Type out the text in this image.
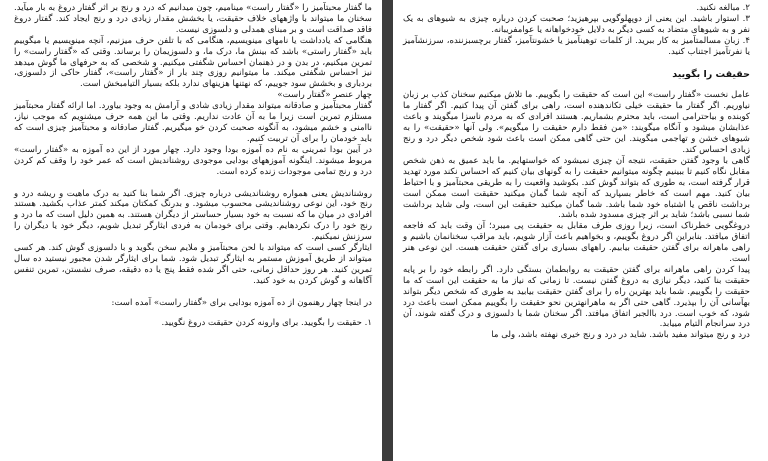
ما گفتار محبتآمیز را «گفتار راست» مینامیم، چون میدانیم که درد و رنج بر اثر گفتار دروغ به بار میآید. سخنان ما میتواند با واژههای خلاف حقیقت، یا بخشش مقدار زیادی درد و رنج ایجاد کند. گفتار دروغ فاقد صداقت است و بر مبنای همدلی و دلسوزی نیست.

هنگامی که یادداشت یا نامهای مینویسیم، هنگامی که با تلفن حرف میزنیم، آنچه مینویسیم یا میگوییم باید «گفتار راستی» باشد که بینش ما، درک ما، و دلسوزیمان را برساند. وقتی که «گفتار راست» را تمرین میکنیم، در بدن و در ذهنمان احساس شگفتی میکنیم. و شخصی که به حرفهای ما گوش میدهد نیز احساس شگفتی میکند. ما میتوانیم روزی چند بار از «گفتار راست»، گفتار حاکی از دلسوزی، بردباری و بخشش سود جوییم، که نهتنها هزینهای ندارد بلکه بسیار التیامبخش است.

چهار عنصر «گفتار راست»

گفتار محبتآمیز و صادقانه میتواند مقدار زیادی شادی و آرامش به وجود بیاورد. اما ارائه گفتار محبتآمیز مستلزم تمرین است زیرا ما به آن عادت نداریم. وقتی ما این همه حرف میشنویم که موجب نیاز، ناامنی و خشم میشود، به آنگونه صحبت کردن خو میگیریم. گفتار صادقانه و محبتآمیز چیزی است که باید خودمان را برای آن تربیت کنیم.

در آیین بودا تمرینی به نام ده آموزه بودا وجود دارد. چهار مورد از این ده آموزه به «گفتار راست» مربوط میشوند. اینگونه آموزههای بودایی موجودی روشناندیش است که عمر خود را وقف کم کردن درد و رنج تمامی موجودات زنده کرده است.

روشناندیش یعنی همواره روشناندیشی درباره چیزی. اگر شما بنا کنید به درک ماهیت و ریشه درد و رنج خود، این نوعی روشناندیشی محسوب میشود. و بدرنگ کمکتان میکند کمتر عذاب بکشید. هستند افرادی در میان ما که نسبت به خود بسیار حساستر از دیگران هستند. به همین دلیل است که ما درد و رنج خود را درک نکردهایم. وقتی برای خودمان به فردی ایثارگر تبدیل شویم، دیگر خود یا دیگران را سرزنش نمیکنیم.

ایثارگر کسی است که میتواند با لحن محبتآمیز و ملایم سخن بگوید و با دلسوزی گوش کند. هر کسی میتواند از طریق آموزش مستمر به ایثارگر تبدیل شود. شما برای ایثارگر شدن مجبور نیستید ده سال تمرین کنید. هر روز حداقل زمانی، حتی اگر شده فقط پنج یا ده دقیقه، صرف نشستن، تمرین تنفس آگاهانه و گوش کردن به خود کنید.

در اینجا چهار رهنمون از ده آموزه بودایی برای «گفتار راست» آمده است:

۱. حقیقت را بگویید. برای وارونه کردن حقیقت دروغ نگویید.

۲. مبالغه نکنید.

۳. استوار باشید. این یعنی از دوپهلوگویی بپرهیزید؛ صحبت کردن درباره چیزی به شیوهای به یک نفر و به شیوهای متضاد به کسی دیگر به دلایل خودخواهانه یا عوامفریبانه.

۴. زبان مسالمتآمیز به کار ببرید. از کلمات توهینآمیز یا خشونتآمیز، گفتار برچسبزننده، سرزنشآمیز یا نفرتآمیز اجتناب کنید.

حقیقت را بگویید

عامل نخست «گفتار راست» این است که حقیقت را بگوییم. ما تلاش میکنیم سخنان کذب بر زبان نیاوریم. اگر گفتار ما حقیقت خیلی تکاندهنده است، راهی برای گفتن آن پیدا کنیم. اگر گفتار ما کوبنده و بیاحترامی است، باید محترم بشماریم. هستند افرادی که به مردم ناسزا میگویند و باعث عذابشان میشود و آنگاه میگویند: «من فقط دارم حقیقت را میگویم». ولی آنها «حقیقت» را به شیوهای خشن و تهاجمی میگویند. این حتی گاهی ممکن است باعث شود شخص دیگر درد و رنج زیادی احساس کند.

گاهی با وجود گفتن حقیقت، نتیجه آن چیزی نمیشود که خواستهایم. ما باید عمیق به ذهن شخص مقابل نگاه کنیم تا ببینیم چگونه میتوانیم حقیقت را به گونهای بیان کنیم که احساس نکند مورد تهدید قرار گرفته است، به طوری که بتواند گوش کند. بکوشید واقعیت را به طریقی محبتآمیز و با احتیاط بیان کنید. مهم است که خاطر بسپارید که آنچه شما گمان میکنید حقیقت است ممکن است برداشت ناقص یا اشتباه خود شما باشد. شما گمان میکنید حقیقت این است، ولی شاید برداشت شما نسبی باشد؛ شاید بر اثر چیزی مسدود شده باشد.

دروغگویی خطرناک است، زیرا روزی طرف مقابل به حقیقت پی میبرد؛ آن وقت باید که فاجعه اتفاق میافتد. بنابراین اگر دروغ بگوییم، و بخواهیم باعث آزار شویم، باید مراقب سخنانمان باشیم و راهی ماهرانه برای گفتن حقیقت بیابیم. راههای بسیاری برای گفتن حقیقت هست. این نوعی هنر است.

پیدا کردن راهی ماهرانه برای گفتن حقیقت به روابطمان بستگی دارد. اگر رابطه خود را بر پایه حقیقت بنا کنید، دیگر نیازی به دروغ گفتن نیست. تا زمانی که نیاز ما به حقیقت این است که ما حقیقت را بگوییم. شما باید بهترین راه را برای گفتن حقیقت بیابید به طوری که شخص دیگر بتواند بهآسانی آن را بپذیرد. گاهی حتی اگر به ماهرانهترین نحو حقیقت را بگوییم ممکن است باعث درد شود، که خوب است. درد باالجبر اتفاق میافتد. اگر سخنان شما با دلسوزی و درک گفته شوند، آن درد سرانجام التیام مییابد.

درد و رنج میتواند مفید باشد. شاید در درد و رنج خیری نهفته باشد، ولی ما
